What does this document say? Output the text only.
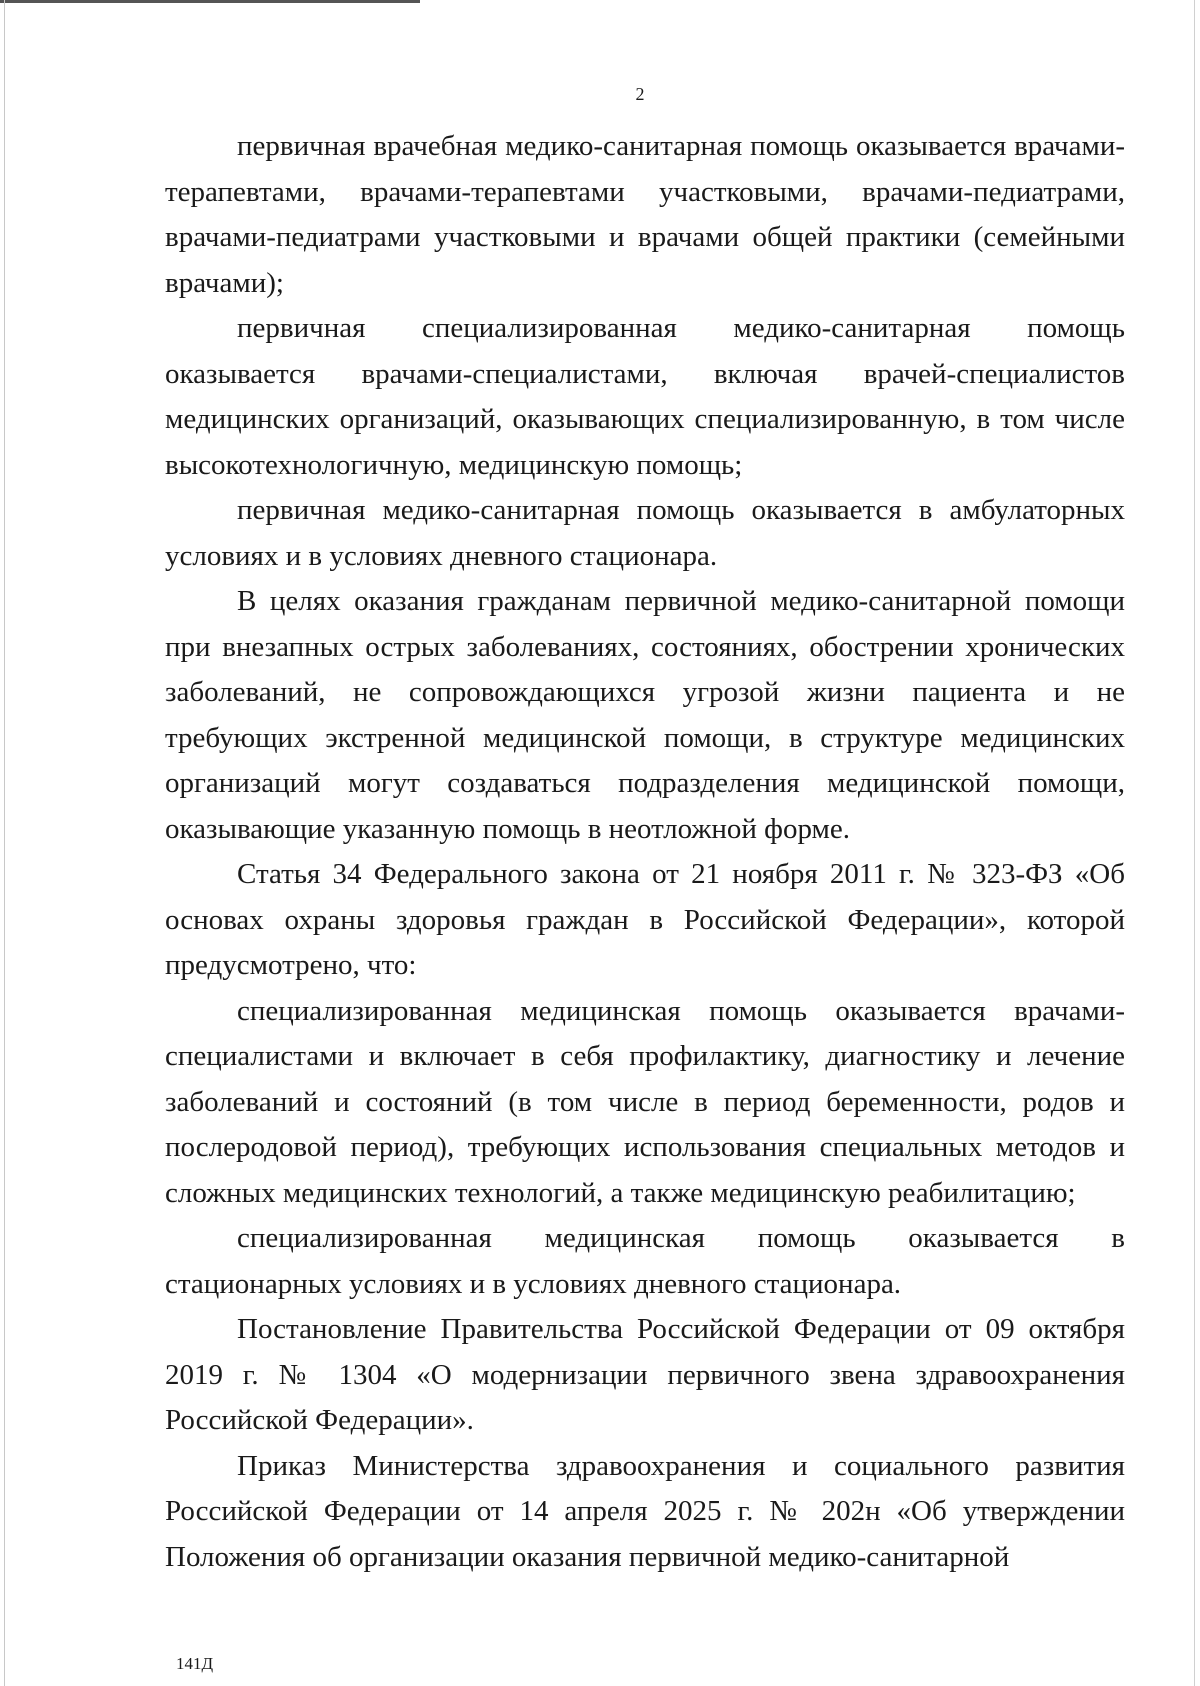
2

первичная врачебная медико-санитарная помощь оказывается врачами-терапевтами, врачами-терапевтами участковыми, врачами-педиатрами, врачами-педиатрами участковыми и врачами общей практики (семейными врачами);

первичная специализированная медико-санитарная помощь оказывается врачами-специалистами, включая врачей-специалистов медицинских организаций, оказывающих специализированную, в том числе высокотехнологичную, медицинскую помощь;

первичная медико-санитарная помощь оказывается в амбулаторных условиях и в условиях дневного стационара.

В целях оказания гражданам первичной медико-санитарной помощи при внезапных острых заболеваниях, состояниях, обострении хронических заболеваний, не сопровождающихся угрозой жизни пациента и не требующих экстренной медицинской помощи, в структуре медицинских организаций могут создаваться подразделения медицинской помощи, оказывающие указанную помощь в неотложной форме.

Статья 34 Федерального закона от 21 ноября 2011 г. № 323-ФЗ «Об основах охраны здоровья граждан в Российской Федерации», которой предусмотрено, что:

специализированная медицинская помощь оказывается врачами-специалистами и включает в себя профилактику, диагностику и лечение заболеваний и состояний (в том числе в период беременности, родов и послеродовой период), требующих использования специальных методов и сложных медицинских технологий, а также медицинскую реабилитацию;

специализированная медицинская помощь оказывается в стационарных условиях и в условиях дневного стационара.

Постановление Правительства Российской Федерации от 09 октября 2019 г. № 1304 «О модернизации первичного звена здравоохранения Российской Федерации».

Приказ Министерства здравоохранения и социального развития Российской Федерации от 14 апреля 2025 г. № 202н «Об утверждении Положения об организации оказания первичной медико-санитарной

141Д
